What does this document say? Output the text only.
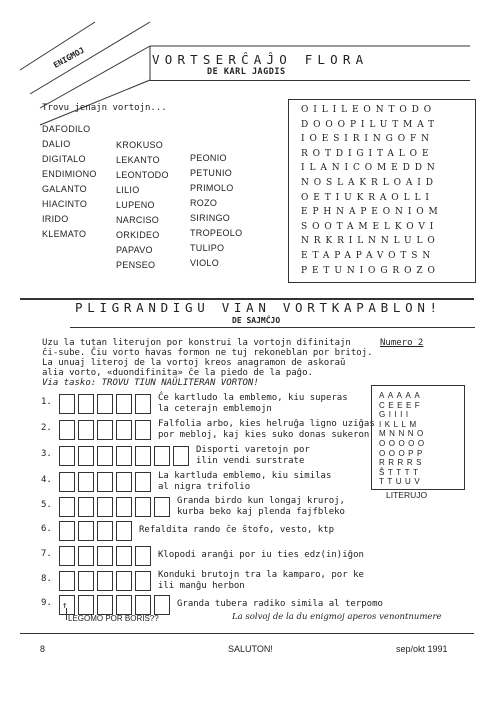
ENIGMOJ	VORTSERĈAĴO FLORA
DE KARL JAGDIS
Trovu jenajn vortojn...
DAFODILO
DALIO
DIGITALO
ENDIMIONO
GALANTO
HIACINTO
IRIDO
KLEMATO
KROKUSO
LEKANTO
LEONTODO
LILIO
LUPENO
NARCISO
ORKIDEO
PAPAVO
PENSEO
PEONIO
PETUNIO
PRIMOLO
ROZO
SIRINGO
TROPEOLO
TULIPO
VIOLO
OILILEONTODO
DOOOPILUTMAT
IOESIRINGOFN
ROTDIGITALOE
ILANICOMEDDN
NOSLAKRLOAID
OETIUKRAOLLI
EPHNAPEONIOM
SOOTAMELKOVI
NRKRILNNLULO
ETAPAPAVOTSN
PETUNIOGROZO
PLIGRANDIGU VIAN VORTKAPABLON!
DE SAJMĈJO
Numero 2
Uzu la tutan literujon por konstrui la vortojn difinitajn
ĉi-sube. Ĉiu vorto havas formon ne tuj rekoneblan por britoj.
La unuaj literoj de la vortoj kreos anagramon de askoraŭ
alia vorto, «duondifinita» ĉe la piedo de la paĝo.
Via tasko: TROVU TIUN NAŬLITERAN VORTON!
1.	Ĉe kartludo la emblemo, kiu superas
la ceterajn emblemojn
2.	Falfolia arbo, kies helruĝa ligno uziĝas
por mebloj, kaj kies suko donas sukeron
3.	Disporti varetojn por
ilin vendi surstrate
4.	La kartluda emblemo, kiu similas
al nigra trifolio
5.	Granda birdo kun longaj kruroj,
kurba beko kaj plenda fajfbleko
6.	Refaldita rando ĉe ŝtofo, vesto, ktp
7.	Klopodi aranĝi por iu ties edz(in)iĝon
8.	Konduki brutojn tra la kamparo, por ke
ili manĝu herbon
9.	Granda tubera radiko simila al terpomo
AAAAA
CEEEF
GIIII
IKLLM
MNNNO
OOOOO
OOOPP
RRRRS
ŜTTTT
TTUUV
LITERUJO
↑
LEGOMO POR BORIS??	La solvoj de la du enigmoj aperos venontnumere
8	SALUTON!	sep/okt 1991
